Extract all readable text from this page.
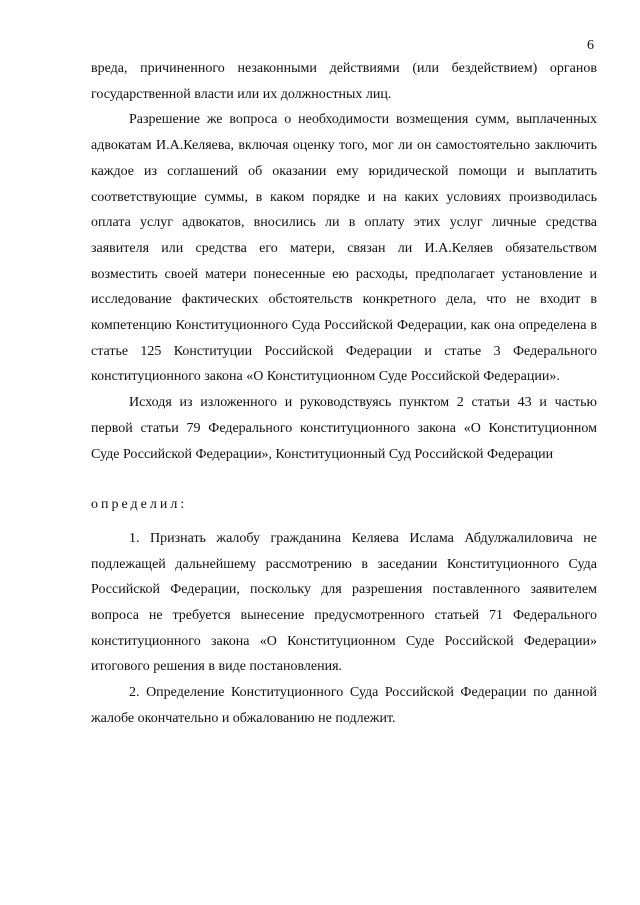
6

вреда, причиненного незаконными действиями (или бездействием) органов государственной власти или их должностных лиц.

Разрешение же вопроса о необходимости возмещения сумм, выплаченных адвокатам И.А.Келяева, включая оценку того, мог ли он самостоятельно заключить каждое из соглашений об оказании ему юридической помощи и выплатить соответствующие суммы, в каком порядке и на каких условиях производилась оплата услуг адвокатов, вносились ли в оплату этих услуг личные средства заявителя или средства его матери, связан ли И.А.Келяев обязательством возместить своей матери понесенные ею расходы, предполагает установление и исследование фактических обстоятельств конкретного дела, что не входит в компетенцию Конституционного Суда Российской Федерации, как она определена в статье 125 Конституции Российской Федерации и статье 3 Федерального конституционного закона «О Конституционном Суде Российской Федерации».

Исходя из изложенного и руководствуясь пунктом 2 статьи 43 и частью первой статьи 79 Федерального конституционного закона «О Конституционном Суде Российской Федерации», Конституционный Суд Российской Федерации

определил:

1. Признать жалобу гражданина Келяева Ислама Абдулжалиловича не подлежащей дальнейшему рассмотрению в заседании Конституционного Суда Российской Федерации, поскольку для разрешения поставленного заявителем вопроса не требуется вынесение предусмотренного статьей 71 Федерального конституционного закона «О Конституционном Суде Российской Федерации» итогового решения в виде постановления.

2. Определение Конституционного Суда Российской Федерации по данной жалобе окончательно и обжалованию не подлежит.
